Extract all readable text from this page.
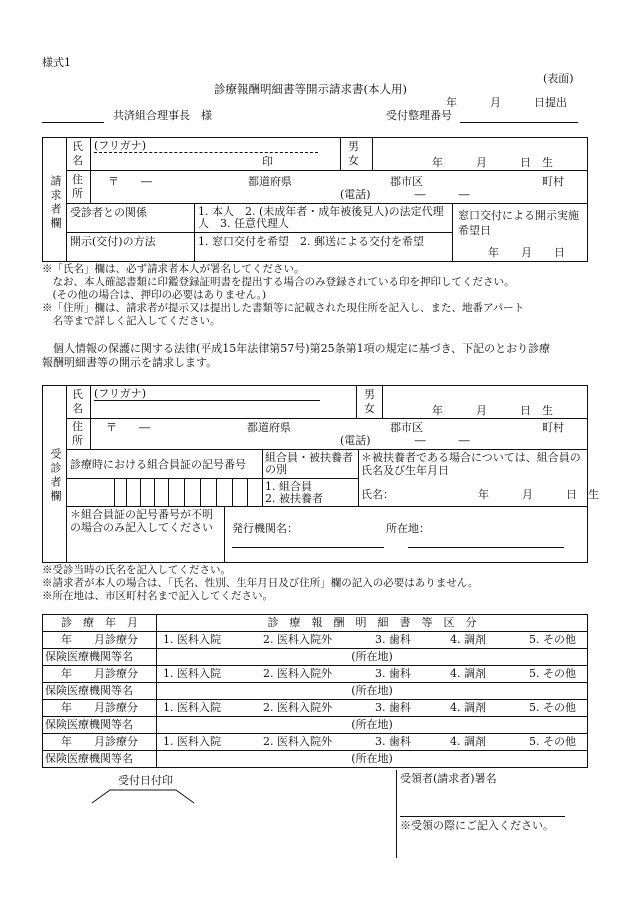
様式1
(表面)
診療報酬明細書等開示請求書(本人用)
年　　　月　　　日提出
共済組合理事長　様	受付整理番号
請求者欄
氏名
(フリガナ)
印
男女	年　　　月　　　日　生
住所
〒　　―	都道府県	郡市区	町村
(電話)　　　　―　　　―
受診者との関係	1. 本人　2. (未成年者・成年被後見人)の法定代理人　3. 任意代理人
窓口交付による開示実施希望日
年　　月　　日
開示(交付)の方法	1. 窓口交付を希望　2. 郵送による交付を希望
※「氏名」欄は、必ず請求者本人が署名してください。
　なお、本人確認書類に印鑑登録証明書を提出する場合のみ登録されている印を押印してください。
　(その他の場合は、押印の必要はありません。)
※「住所」欄は、請求者が提示又は提出した書類等に記載された現住所を記入し、また、地番アパート
　名等まで詳しく記入してください。
　個人情報の保護に関する法律(平成15年法律第57号)第25条第1項の規定に基づき、下記のとおり診療
報酬明細書等の開示を請求します。
受診者欄
氏名
(フリガナ)	男女	年　　　月　　　日　生
住所
〒　　―	都道府県	郡市区	町村
(電話)　　　　―　　　―
診療時における組合員証の記号番号
組合員・被扶養者の別
1. 組合員
2. 被扶養者
＊被扶養者である場合については、組合員の氏名及び生年月日
氏名：	年　　　月　　　日　生
＊組合員証の記号番号が不明の場合のみ記入してください	発行機関名：	所在地：
※受診当時の氏名を記入してください。
※請求者が本人の場合は、「氏名、性別、生年月日及び住所」欄の記入の必要はありません。
※所在地は、市区町村名まで記入してください。
診　療　年　月	診　療　報　酬　明　細　書　等　区　分
年　　月診療分	1. 医科入院 2. 医科入院外 3. 歯科 4. 調剤 5. その他

保険医療機関等名	(所在地)
年　　月診療分	1. 医科入院 2. 医科入院外 3. 歯科 4. 調剤 5. その他

保険医療機関等名	(所在地)
年　　月診療分	1. 医科入院 2. 医科入院外 3. 歯科 4. 調剤 5. その他

保険医療機関等名	(所在地)
年　　月診療分	1. 医科入院 2. 医科入院外 3. 歯科 4. 調剤 5. その他

保険医療機関等名	(所在地)
受付日付印	受領者(請求者)署名
※受領の際にご記入ください。
